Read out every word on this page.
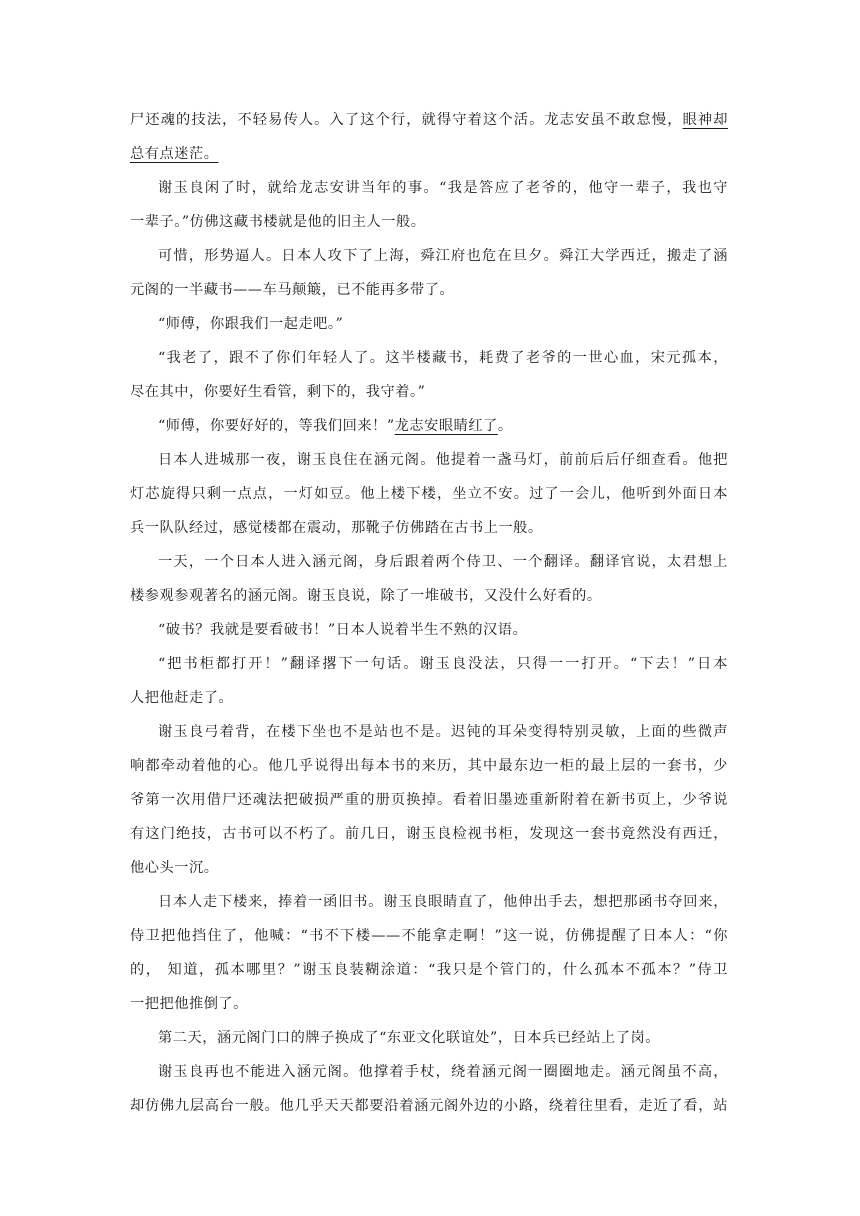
尸还魂的技法，不轻易传人。入了这个行，就得守着这个活。龙志安虽不敢怠慢，眼神却
总有点迷茫。
谢玉良闲了时，就给龙志安讲当年的事。“我是答应了老爷的，他守一辈子，我也守
一辈子。”仿佛这藏书楼就是他的旧主人一般。
可惜，形势逼人。日本人攻下了上海，舜江府也危在旦夕。舜江大学西迁，搬走了涵
元阁的一半藏书——车马颠簸，已不能再多带了。
“师傅，你跟我们一起走吧。”
“我老了，跟不了你们年轻人了。这半楼藏书，耗费了老爷的一世心血，宋元孤本，
尽在其中，你要好生看管，剩下的，我守着。”
“师傅，你要好好的，等我们回来！”龙志安眼睛红了。
日本人进城那一夜，谢玉良住在涵元阁。他提着一盏马灯，前前后后仔细查看。他把
灯芯旋得只剩一点点，一灯如豆。他上楼下楼，坐立不安。过了一会儿，他听到外面日本
兵一队队经过，感觉楼都在震动，那靴子仿佛踏在古书上一般。
一天，一个日本人进入涵元阁，身后跟着两个侍卫、一个翻译。翻译官说，太君想上
楼参观参观著名的涵元阁。谢玉良说，除了一堆破书，又没什么好看的。
“破书？我就是要看破书！”日本人说着半生不熟的汉语。
“把书柜都打开！”翻译撂下一句话。谢玉良没法，只得一一打开。“下去！”日本
人把他赶走了。
谢玉良弓着背，在楼下坐也不是站也不是。迟钝的耳朵变得特别灵敏，上面的些微声
响都牵动着他的心。他几乎说得出每本书的来历，其中最东边一柜的最上层的一套书，少
爷第一次用借尸还魂法把破损严重的册页换掉。看着旧墨迹重新附着在新书页上，少爷说
有这门绝技，古书可以不朽了。前几日，谢玉良检视书柜，发现这一套书竟然没有西迁，
他心头一沉。
日本人走下楼来，捧着一函旧书。谢玉良眼睛直了，他伸出手去，想把那函书夺回来，
侍卫把他挡住了，他喊：“书不下楼——不能拿走啊！”这一说，仿佛提醒了日本人：“你
的， 知道，孤本哪里？”谢玉良装糊涂道：“我只是个管门的，什么孤本不孤本？”侍卫
一把把他推倒了。
第二天，涵元阁门口的牌子换成了“东亚文化联谊处”，日本兵已经站上了岗。
谢玉良再也不能进入涵元阁。他撑着手杖，绕着涵元阁一圈圈地走。涵元阁虽不高，
却仿佛九层高台一般。他几乎天天都要沿着涵元阁外边的小路，绕着往里看，走近了看，站
